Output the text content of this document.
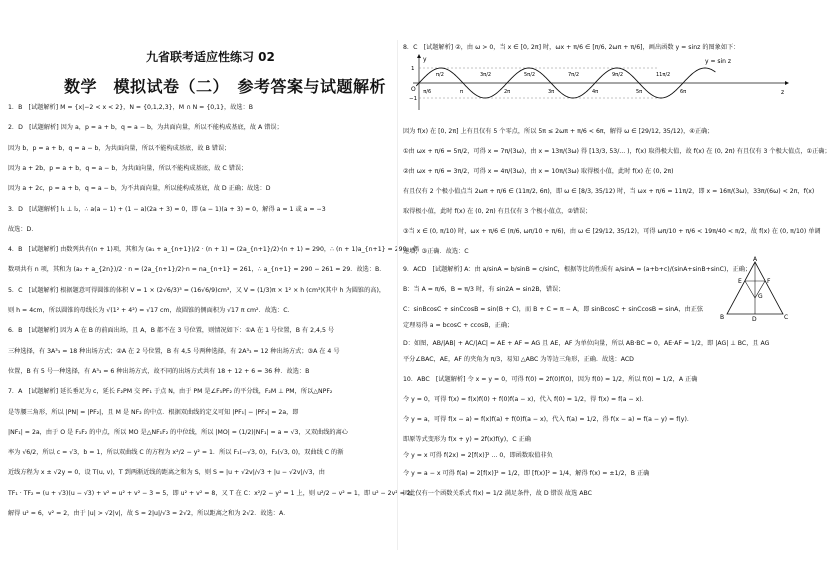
九省联考适应性练习 02
数学　模拟试卷（二）　参考答案与试题解析
1．B　[试题解析] M = {x|−2 < x < 2}，N = {0,1,2,3}，M ∩ N = {0,1}，故选：B
2．D　[试题解析] 因为 a，p = a + b，q = a − b，为共面向量，所以不能构成基底，故 A 错误；
因为 b，p = a + b，q = a − b，为共面向量，所以不能构成基底，故 B 错误；
因为 a + 2b，p = a + b，q = a − b，为共面向量，所以不能构成基底，故 C 错误；
因为 a + 2c，p = a + b，q = a − b，为不共面向量，所以能构成基底，故 D 正确；故选：D
3．D　[试题解析] l₁ ⊥ l₂，∴ a(a − 1) + (1 − a)(2a + 3) = 0，即 (a − 1)(a + 3) = 0，解得 a = 1 或 a = −3
故选：D．
4．B　[试题解析] 由数列共有(n + 1)项，其和为 (a₁ + a_{n+1})/2 · (n + 1) = (2a_{n+1}/2)·(n + 1) = 290，∴ (n + 1)a_{n+1} = 290．偶
数项共有 n 项，其和为 (a₂ + a_{2n})/2 · n = (2a_{n+1}/2)·n = na_{n+1} = 261，∴ a_{n+1} = 290 − 261 = 29．故选：B．
5．C　[试题解析] 根据题意可得圆锥的体积 V = 1 × (2√6/3)³ = (16√6/9)cm³，又 V = (1/3)π × 1² × h (cm³)(其中 h 为圆锥的高)，
则 h = 4cm，所以圆锥的母线长为 √(1² + 4²) = √17 cm，故圆锥的侧面积为 √17 π cm²．故选：C．
6．B　[试题解析] 因为 A 在 B 的前面出场，且 A，B 都不在 3 号位置，则情况如下：①A 在 1 号位置，B 有 2,4,5 号
三种选择，有 3A³₃ = 18 种出场方式；②A 在 2 号位置，B 有 4,5 号两种选择，有 2A³₃ = 12 种出场方式；③A 在 4 号
位置，B 有 5 号一种选择，有 A³₃ = 6 种出场方式，故不同的出场方式共有 18 + 12 + 6 = 36 种．故选：B
7．A　[试题解析] 延长垂足为 c，延长 F₂PM 交 PF₁ 于点 N，由于 PM 是∠F₁PF₂ 的平分线，F₂M ⊥ PM，所以△NPF₂
是等腰三角形，所以 |PN| = |PF₂|，且 M 是 NF₂ 的中点．根据双曲线的定义可知 |PF₁| − |PF₂| = 2a，即
|NF₁| = 2a，由于 O 是 F₁F₂ 的中点，所以 MO 是△NF₁F₂ 的中位线，所以 |MO| = (1/2)|NF₁| = a = √3，又双曲线的离心
率为 √6/2，所以 c = √3，b = 1，所以双曲线 C 的方程为 x²/2 − y² = 1．所以 F₁(−√3, 0)，F₂(√3, 0)，双曲线 C 的渐
近线方程为 x ± √2y = 0，设 T(u, v)，T 到两渐近线的距离之和为 S，则 S = |u + √2v|/√3 + |u − √2v|/√3，由
TF₁ · TF₂ = (u + √3)(u − √3) + v² = u² + v² − 3 = 5，即 u² + v² = 8，又 T 在 C：x²/2 − y² = 1 上，则 u²/2 − v² = 1，即 u² − 2v² = 2，
解得 u² = 6，v² = 2，由于 |u| > √2|v|，故 S = 2|u|/√3 = 2√2，所以距离之和为 2√2．故选：A．
8．C　[试题解析] ②，由 ω > 0，当 x ∈ [0, 2π] 时，ωx + π/6 ∈ [π/6, 2ωπ + π/6]，画出函数 y = sinz 的图象如下：
y
z
O
1
−1
y = sin z
π/2	3π/2	5π/2	7π/2	9π/2	11π/2
π/6	π	2π	3π	4π	5π	6π
因为 f(x) 在 [0, 2π] 上有且仅有 5 个零点，所以 5π ≤ 2ωπ + π/6 < 6π，解得 ω ∈ [29/12, 35/12)，④正确；
①由 ωx + π/6 = 5π/2，可得 x = 7π/(3ω)，由 x = 13π/(3ω) 得 [13/3, 53/... )，f(x) 取得极大值，故 f(x) 在 (0, 2π) 有且仅有 3 个极大值点，①正确；
②由 ωx + π/6 = 3π/2，可得 x = 4π/(3ω)，由 x = 10π/(3ω) 取得极小值，此时 f(x) 在 (0, 2π)
有且仅有 2 个极小值点当 2ωπ + π/6 ∈ (11π/2, 6π)，即 ω ∈ [8/3, 35/12) 时，当 ωx + π/6 = 11π/2，即 x = 16π/(3ω)，33π/(6ω) < 2π，f(x)
取得极小值，此时 f(x) 在 (0, 2π) 有且仅有 3 个极小值点，②错误；
③当 x ∈ (0, π/10) 时，ωx + π/6 ∈ (π/6, ωπ/10 + π/6)，由 ω ∈ [29/12, 35/12)，可得 ωπ/10 + π/6 < 19π/40 < π/2，故 f(x) 在 (0, π/10) 单调
递增，③正确．故选：C
9．ACD　[试题解析] A：由 a/sinA = b/sinB = c/sinC，根据等比的性质有 a/sinA = (a+b+c)/(sinA+sinB+sinC)，正确；
B：当 A = π/6，B = π/3 时，有 sin2A = sin2B，错误；
C：sinBcosC + sinCcosB = sin(B + C)，而 B + C = π − A，即 sinBcosC + sinCcosB = sinA，由正弦
定理易得 a = bcosC + ccosB，正确；
D：如图，AB/|AB| + AC/|AC| = AE + AF = AG 且 AE，AF 为单位向量，所以 AB·BC = 0，AE·AF = 1/2，即 |AG| ⊥ BC，且 AG
平分∠BAC，AE，AF 的夹角为 π/3，易知 △ABC 为等边三角形，正确．故选：ACD
10．ABC　[试题解析] 令 x = y = 0，可得 f(0) = 2f(0)f(0)，因为 f(0) = 1/2，所以 f(0) = 1/2，A 正确
令 y = 0，可得 f(x) = f(x)f(0) + f(0)f(a − x)，代入 f(0) = 1/2，得 f(x) = f(a − x)．
令 y = a，可得 f(x − a) = f(x)f(a) + f(0)f(a − x)，代入 f(a) = 1/2，得 f(x − a) = f(a − y) = f(y)．
即原等式变形为 f(x + y) = 2f(x)f(y)，C 正确
令 y = x 可得 f(2x) = 2[f(x)]² ... 0，即函数取值非负
令 y = a − x 可得 f(a) = 2[f(x)]² = 1/2，即 [f(x)]² = 1/4，解得 f(x) = ±1/2，B 正确
因此仅有一个函数关系式 f(x) = 1/2 满足条件，故 D 错误 故选 ABC
A
E	F
G
B	D	C
